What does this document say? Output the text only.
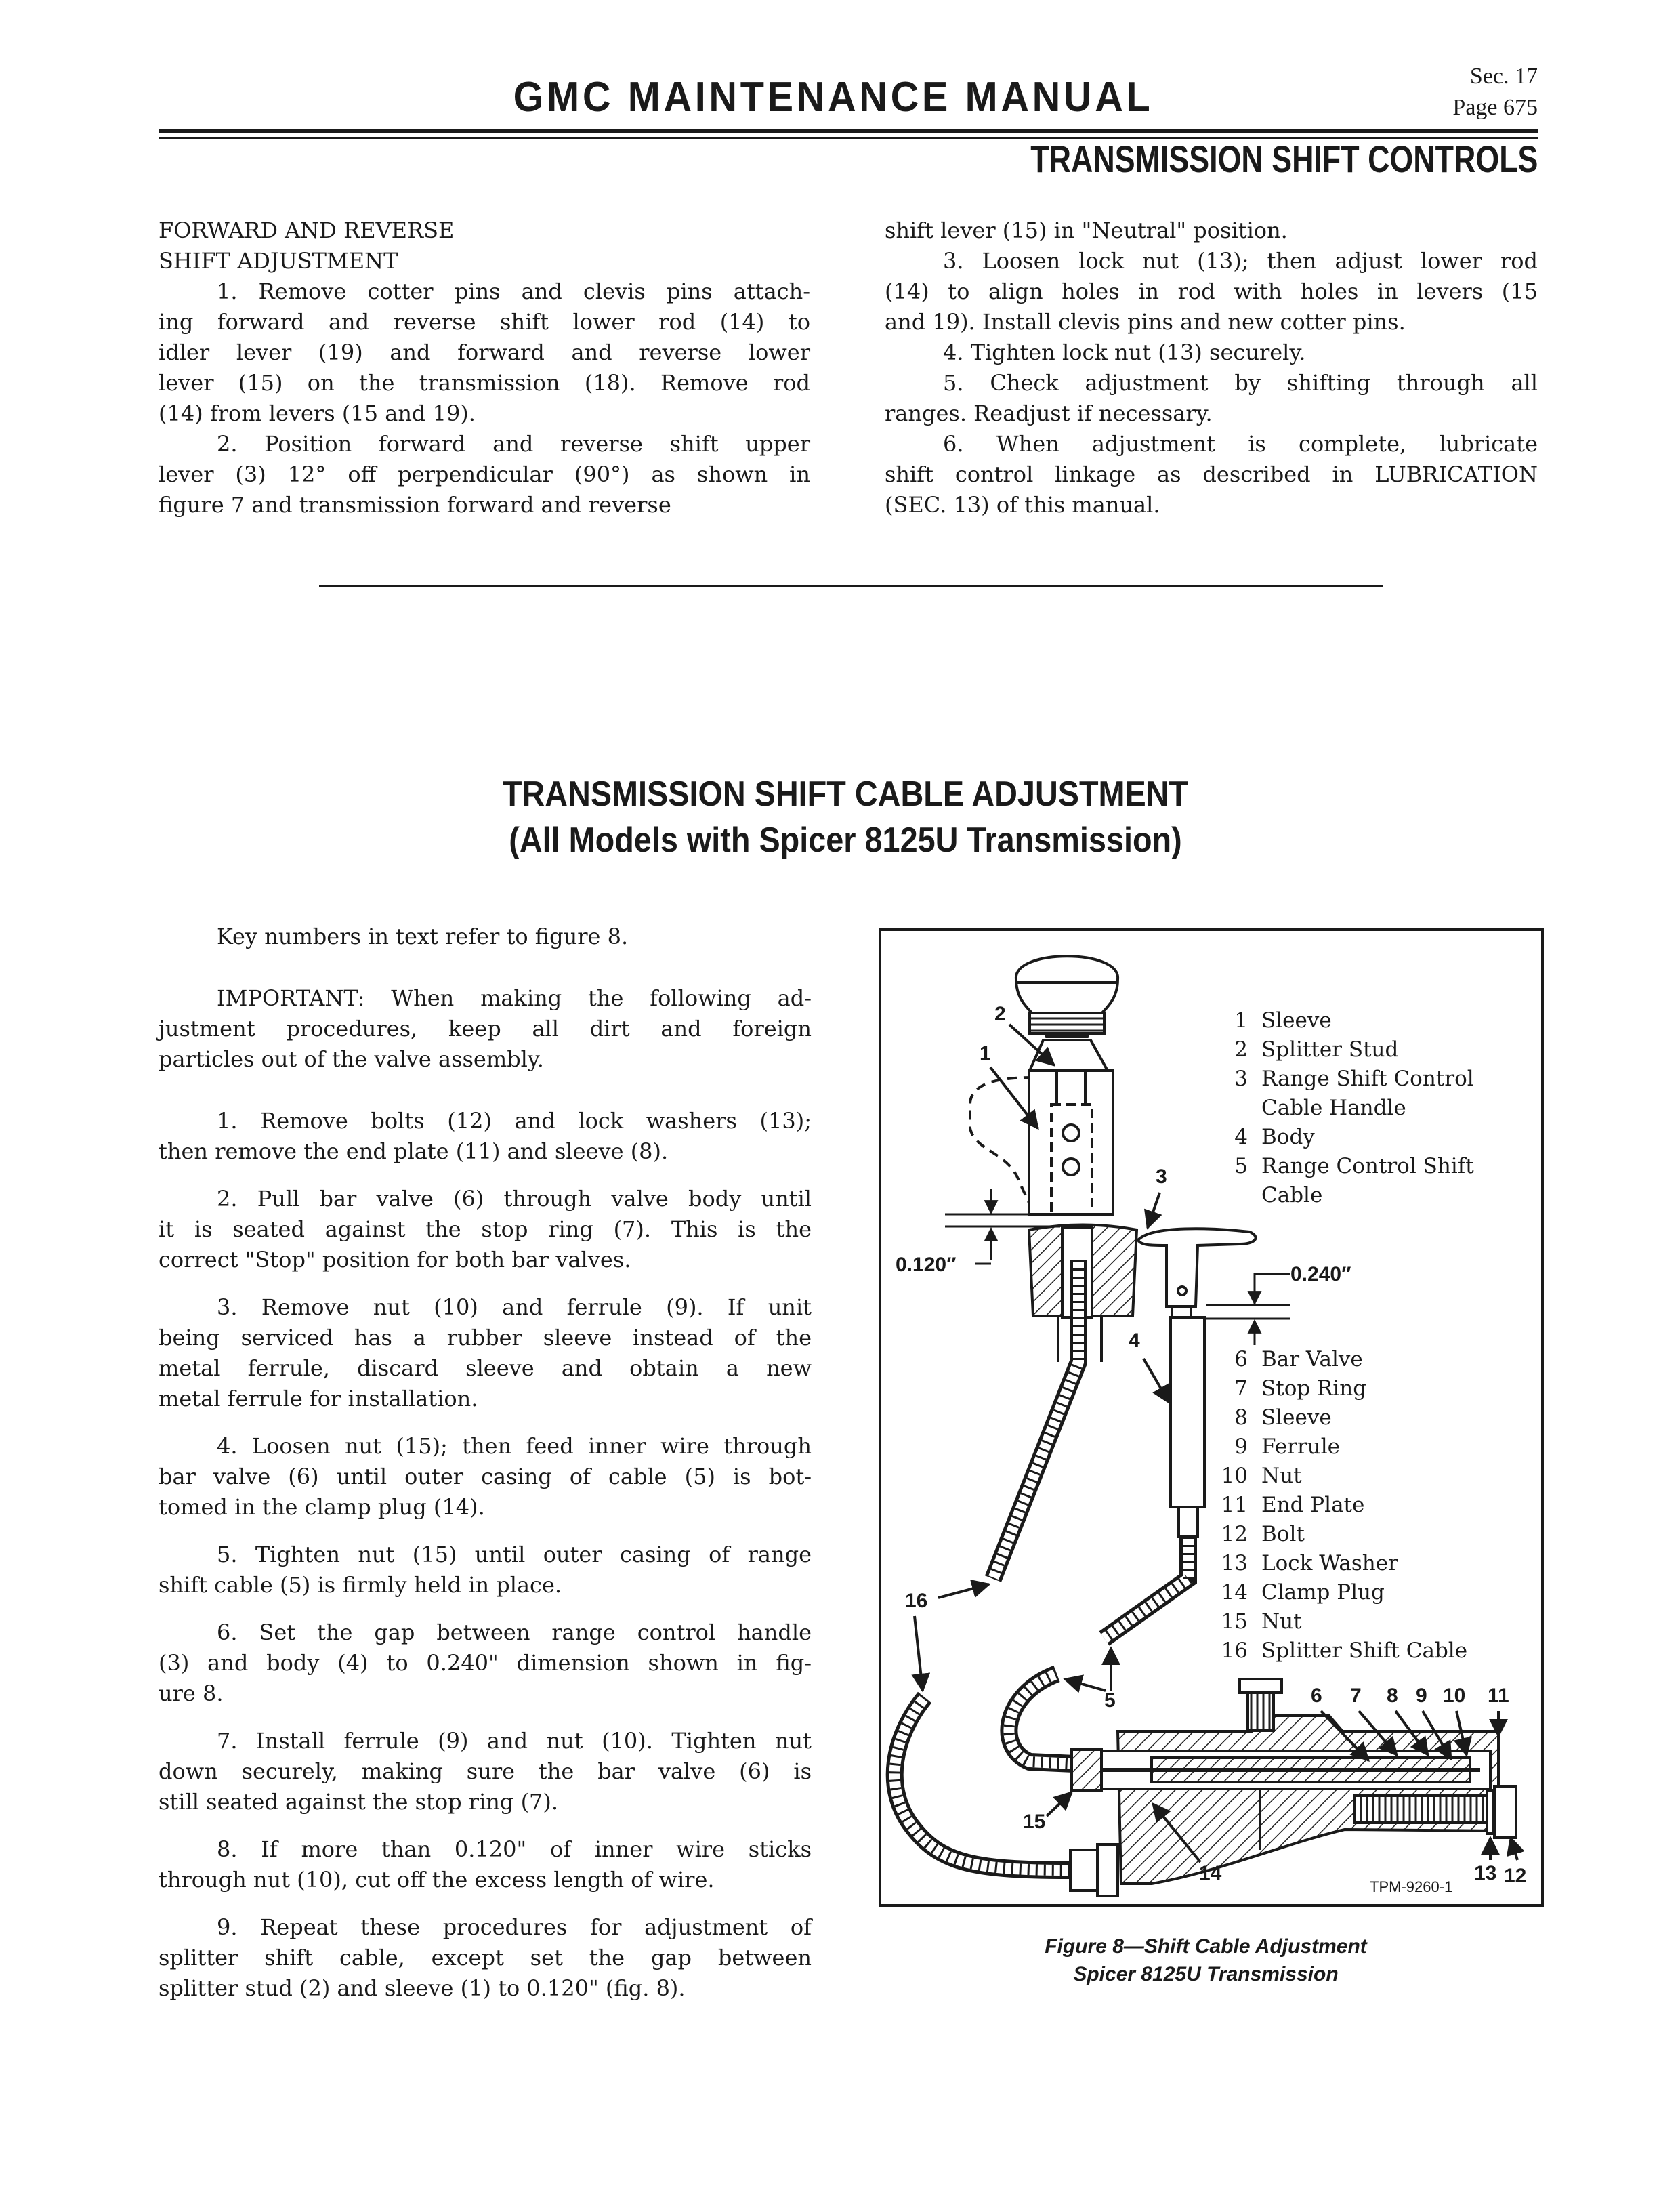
GMC MAINTENANCE MANUAL	Sec. 17
Page 675
TRANSMISSION SHIFT CONTROLS
FORWARD AND REVERSE
SHIFT ADJUSTMENT
1. Remove cotter pins and clevis pins attach-
ing forward and reverse shift lower rod (14) to
idler lever (19) and forward and reverse lower
lever (15) on the transmission (18). Remove rod
(14) from levers (15 and 19).
2. Position forward and reverse shift upper
lever (3) 12° off perpendicular (90°) as shown in
figure 7 and transmission forward and reverse
shift lever (15) in "Neutral" position.
3. Loosen lock nut (13); then adjust lower rod
(14) to align holes in rod with holes in levers (15
and 19). Install clevis pins and new cotter pins.
4. Tighten lock nut (13) securely.
5. Check adjustment by shifting through all
ranges. Readjust if necessary.
6. When adjustment is complete, lubricate
shift control linkage as described in LUBRICATION
(SEC. 13) of this manual.
TRANSMISSION SHIFT CABLE ADJUSTMENT
(All Models with Spicer 8125U Transmission)
Key numbers in text refer to figure 8.
IMPORTANT: When making the following ad-
justment procedures, keep all dirt and foreign
particles out of the valve assembly.
1. Remove bolts (12) and lock washers (13);
then remove the end plate (11) and sleeve (8).
2. Pull bar valve (6) through valve body until
it is seated against the stop ring (7). This is the
correct "Stop" position for both bar valves.
3. Remove nut (10) and ferrule (9). If unit
being serviced has a rubber sleeve instead of the
metal ferrule, discard sleeve and obtain a new
metal ferrule for installation.
4. Loosen nut (15); then feed inner wire through
bar valve (6) until outer casing of cable (5) is bot-
tomed in the clamp plug (14).
5. Tighten nut (15) until outer casing of range
shift cable (5) is firmly held in place.
6. Set the gap between range control handle
(3) and body (4) to 0.240" dimension shown in fig-
ure 8.
7. Install ferrule (9) and nut (10). Tighten nut
down securely, making sure the bar valve (6) is
still seated against the stop ring (7).
8. If more than 0.120" of inner wire sticks
through nut (10), cut off the excess length of wire.
9. Repeat these procedures for adjustment of
splitter shift cable, except set the gap between
splitter stud (2) and sleeve (1) to 0.120" (fig. 8).
2
1
3
4
16
5
15
14
6 7 8 9 10 11
13 12
0.120″	0.240″
TPM-9260-1
1 Sleeve
2 Splitter Stud
3 Range Shift Control
Cable Handle
4 Body
5 Range Control Shift
Cable
6 Bar Valve
7 Stop Ring
8 Sleeve
9 Ferrule
10 Nut
11 End Plate
12 Bolt
13 Lock Washer
14 Clamp Plug
15 Nut
16 Splitter Shift Cable
Figure 8—Shift Cable Adjustment
Spicer 8125U Transmission
